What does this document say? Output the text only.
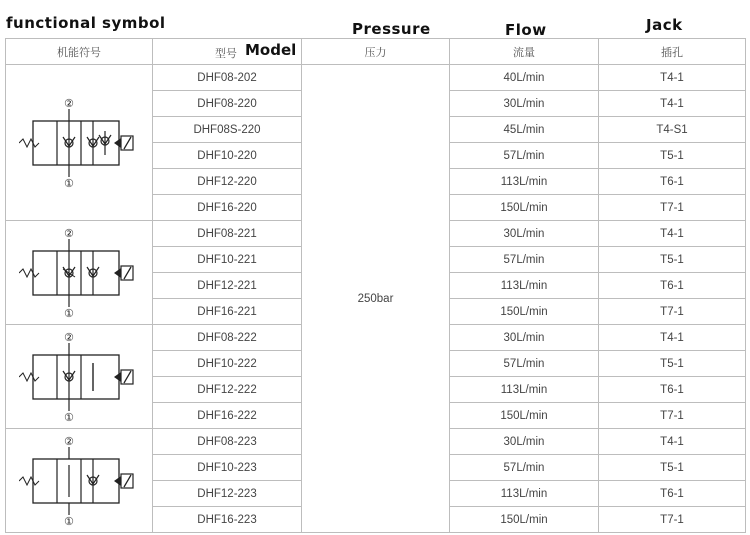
functional symbol	Pressure	Flow	Jack
机能符号	型号 Model	压力	流量	插孔

②
①	DHF08-202	250bar	40L/min	T4-1
	DHF08-220		30L/min	T4-1
	DHF08S-220		45L/min	T4-S1
	DHF10-220		57L/min	T5-1
	DHF12-220		113L/min	T6-1
	DHF16-220		150L/min	T7-1

②
①	DHF08-221		30L/min	T4-1
	DHF10-221		57L/min	T5-1
	DHF12-221		113L/min	T6-1
	DHF16-221		150L/min	T7-1

②
①	DHF08-222		30L/min	T4-1
	DHF10-222		57L/min	T5-1
	DHF12-222		113L/min	T6-1
	DHF16-222		150L/min	T7-1

②
①	DHF08-223		30L/min	T4-1
	DHF10-223		57L/min	T5-1
	DHF12-223		113L/min	T6-1
	DHF16-223		150L/min	T7-1
